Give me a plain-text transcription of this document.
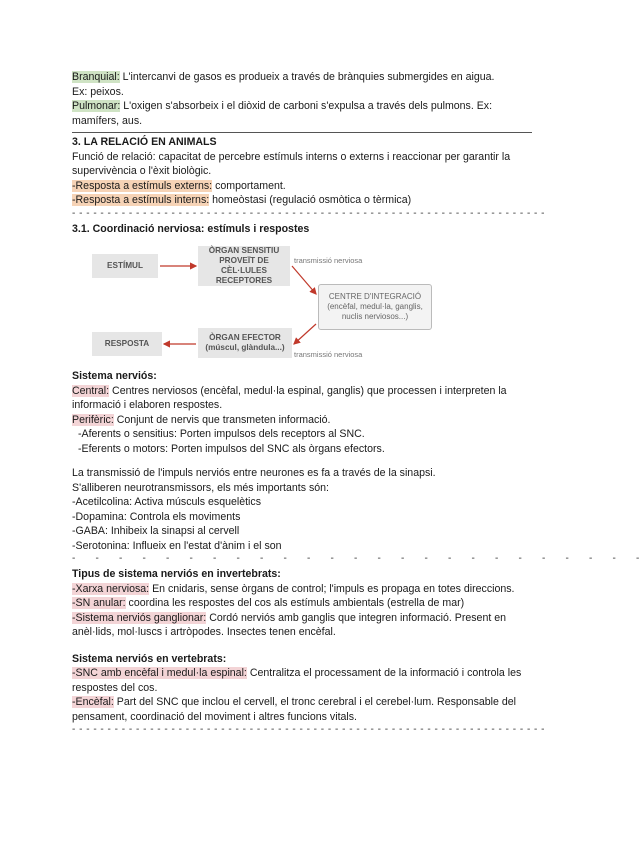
Branquial: L'intercanvi de gasos es produeix a través de brànquies submergides en aigua.

Ex: peixos.

Pulmonar: L'oxigen s'absorbeix i el diòxid de carboni s'expulsa a través dels pulmons. Ex: mamífers, aus.

3. LA RELACIÓ EN ANIMALS

Funció de relació: capacitat de percebre estímuls interns o externs i reaccionar per garantir la supervivència o l'èxit biològic.

-Resposta a estímuls externs: comportament.

-Resposta a estímuls interns: homeòstasi (regulació osmòtica o tèrmica)

- - - - - - - - - - - - - - - - - - - - - - - - - - - - - - - - - - - - - - - - - - - - - - - - - - - - - - - - - - - - - - - - - - -

3.1. Coordinació nerviosa: estímuls i respostes

ESTÍMUL
ÒRGAN SENSITIU
PROVEÏT DE CÈL·LULES
RECEPTORES
transmissió nerviosa
CENTRE D'INTEGRACIÓ
(encèfal, medul·la, ganglis,
nuclis nerviosos...)
RESPOSTA
ÒRGAN EFECTOR
(múscul, glàndula...)
transmissió nerviosa

Sistema nerviós:

Central: Centres nerviosos (encèfal, medul·la espinal, ganglis) que processen i interpreten la informació i elaboren respostes.

Perifèric: Conjunt de nervis que transmeten informació.

-Aferents o sensitius: Porten impulsos dels receptors al SNC.

-Eferents o motors: Porten impulsos del SNC als òrgans efectors.

La transmissió de l'impuls nerviós entre neurones es fa a través de la sinapsi.

S'alliberen neurotransmissors, els més importants són:

-Acetilcolina: Activa músculs esquelètics

-Dopamina: Controla els moviments

-GABA: Inhibeix la sinapsi al cervell

-Serotonina: Influeix en l'estat d'ànim i el son

-      -      -      -      -      -      -      -      -      -      -      -      -      -      -      -      -      -      -      -      -      -      -      -      -

Tipus de sistema nerviós en invertebrats:

-Xarxa nerviosa: En cnidaris, sense òrgans de control; l'impuls es propaga en totes direccions.

-SN anular: coordina les respostes del cos als estímuls ambientals (estrella de mar)

-Sistema nerviós ganglionar: Cordó nerviós amb ganglis que integren informació. Present en anèl·lids, mol·luscs i artròpodes. Insectes tenen encèfal.

Sistema nerviós en vertebrats:

-SNC amb encèfal i medul·la espinal: Centralitza el processament de la informació i controla les respostes del cos.

-Encèfal: Part del SNC que inclou el cervell, el tronc cerebral i el cerebel·lum. Responsable del pensament, coordinació del moviment i altres funcions vitals.

- - - - - - - - - - - - - - - - - - - - - - - - - - - - - - - - - - - - - - - - - - - - - - - - - - - - - - - - - - - - - - - - - - -
